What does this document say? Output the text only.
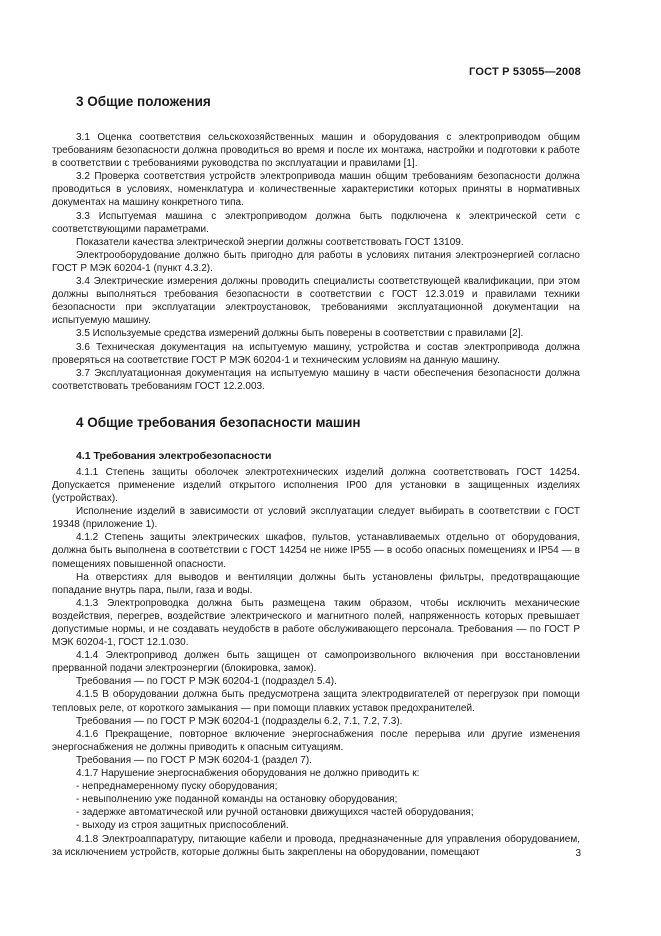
ГОСТ Р 53055—2008
3 Общие положения

3.1 Оценка соответствия сельскохозяйственных машин и оборудования с электроприводом общим требованиям безопасности должна проводиться во время и после их монтажа, настройки и подготовки к работе в соответствии с требованиями руководства по эксплуатации и правилами [1].

3.2 Проверка соответствия устройств электропривода машин общим требованиям безопасности должна проводиться в условиях, номенклатура и количественные характеристики которых приняты в нормативных документах на машину конкретного типа.

3.3 Испытуемая машина с электроприводом должна быть подключена к электрической сети с соответствующими параметрами.

Показатели качества электрической энергии должны соответствовать ГОСТ 13109.

Электрооборудование должно быть пригодно для работы в условиях питания электроэнергией согласно ГОСТ Р МЭК 60204-1 (пункт 4.3.2).

3.4 Электрические измерения должны проводить специалисты соответствующей квалификации, при этом должны выполняться требования безопасности в соответствии с ГОСТ 12.3.019 и правилами техники безопасности при эксплуатации электроустановок, требованиями эксплуатационной документации на испытуемую машину.

3.5 Используемые средства измерений должны быть поверены в соответствии с правилами [2].

3.6 Техническая документация на испытуемую машину, устройства и состав электропривода должна проверяться на соответствие ГОСТ Р МЭК 60204-1 и техническим условиям на данную машину.

3.7 Эксплуатационная документация на испытуемую машину в части обеспечения безопасности должна соответствовать требованиям ГОСТ 12.2.003.

4 Общие требования безопасности машин
4.1 Требования электробезопасности

4.1.1 Степень защиты оболочек электротехнических изделий должна соответствовать ГОСТ 14254. Допускается применение изделий открытого исполнения IP00 для установки в защищенных изделиях (устройствах).

Исполнение изделий в зависимости от условий эксплуатации следует выбирать в соответствии с ГОСТ 19348 (приложение 1).

4.1.2 Степень защиты электрических шкафов, пультов, устанавливаемых отдельно от оборудования, должна быть выполнена в соответствии с ГОСТ 14254 не ниже IP55 — в особо опасных помещениях и IP54 — в помещениях повышенной опасности.

На отверстиях для выводов и вентиляции должны быть установлены фильтры, предотвращающие попадание внутрь пара, пыли, газа и воды.

4.1.3 Электропроводка должна быть размещена таким образом, чтобы исключить механические воздействия, перегрев, воздействие электрического и магнитного полей, напряженность которых превышает допустимые нормы, и не создавать неудобств в работе обслуживающего персонала. Требования — по ГОСТ Р МЭК 60204-1, ГОСТ 12.1.030.

4.1.4 Электропривод должен быть защищен от самопроизвольного включения при восстановлении прерванной подачи электроэнергии (блокировка, замок).

Требования — по ГОСТ Р МЭК 60204-1 (подраздел 5.4).

4.1.5 В оборудовании должна быть предусмотрена защита электродвигателей от перегрузок при помощи тепловых реле, от короткого замыкания — при помощи плавких уставок предохранителей.

Требования — по ГОСТ Р МЭК 60204-1 (подразделы 6.2, 7.1, 7.2, 7.3).

4.1.6 Прекращение, повторное включение энергоснабжения после перерыва или другие изменения энергоснабжения не должны приводить к опасным ситуациям.

Требования — по ГОСТ Р МЭК 60204-1 (раздел 7).

4.1.7 Нарушение энергоснабжения оборудования не должно приводить к:

- непреднамеренному пуску оборудования;

- невыполнению уже поданной команды на остановку оборудования;

- задержке автоматической или ручной остановки движущихся частей оборудования;

- выходу из строя защитных приспособлений.

4.1.8 Электроаппаратуру, питающие кабели и провода, предназначенные для управления оборудованием, за исключением устройств, которые должны быть закреплены на оборудовании, помещают	3
